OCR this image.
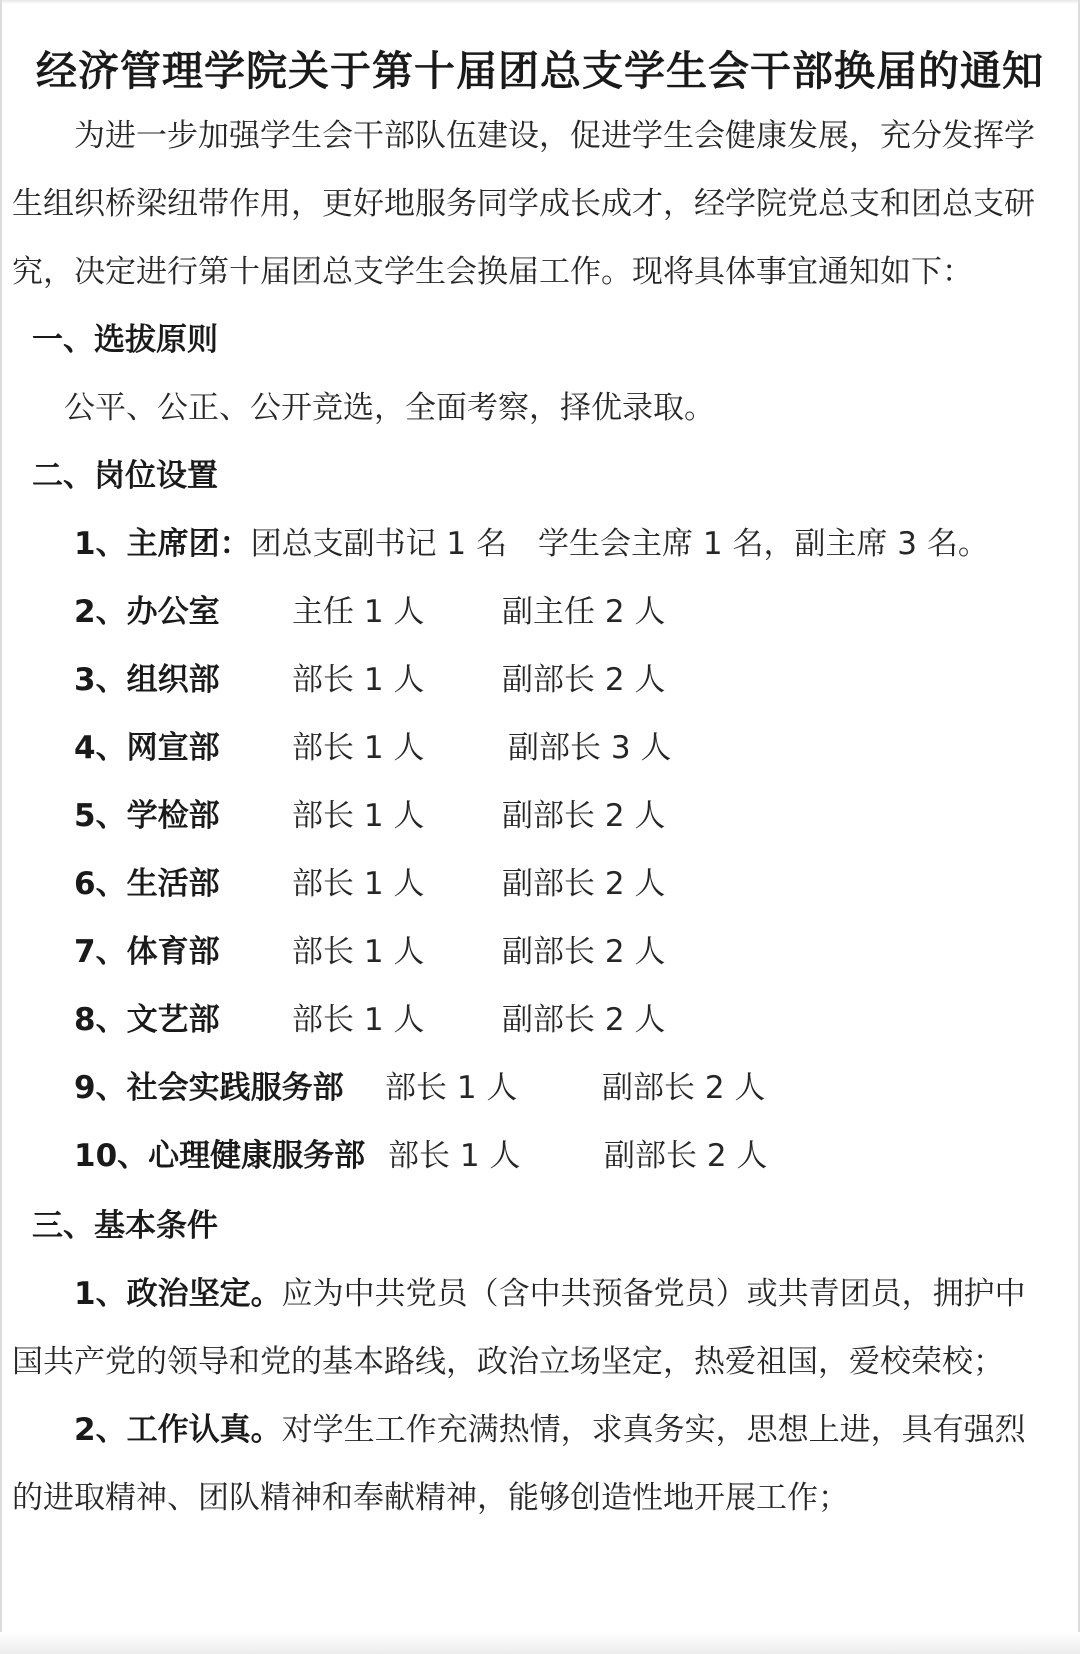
经济管理学院关于第十届团总支学生会干部换届的通知
为进一步加强学生会干部队伍建设，促进学生会健康发展，充分发挥学
生组织桥梁纽带作用，更好地服务同学成长成才，经学院党总支和团总支研
究，决定进行第十届团总支学生会换届工作。现将具体事宜通知如下：
一、选拔原则
公平、公正、公开竞选，全面考察，择优录取。
二、岗位设置
1、主席团：团总支副书记 1 名　学生会主席 1 名，副主席 3 名。
2、办公室 主任 1 人	副主任 2 人
3、组织部 部长 1 人	副部长 2 人
4、网宣部 部长 1 人	副部长 3 人
5、学检部 部长 1 人	副部长 2 人
6、生活部 部长 1 人	副部长 2 人
7、体育部 部长 1 人	副部长 2 人
8、文艺部 部长 1 人	副部长 2 人
9、社会实践服务部 部长 1 人	副部长 2 人
10、心理健康服务部 部长 1 人	副部长 2 人
三、基本条件
1、政治坚定。应为中共党员（含中共预备党员）或共青团员，拥护中
国共产党的领导和党的基本路线，政治立场坚定，热爱祖国，爱校荣校；
2、工作认真。对学生工作充满热情，求真务实，思想上进，具有强烈
的进取精神、团队精神和奉献精神，能够创造性地开展工作；
